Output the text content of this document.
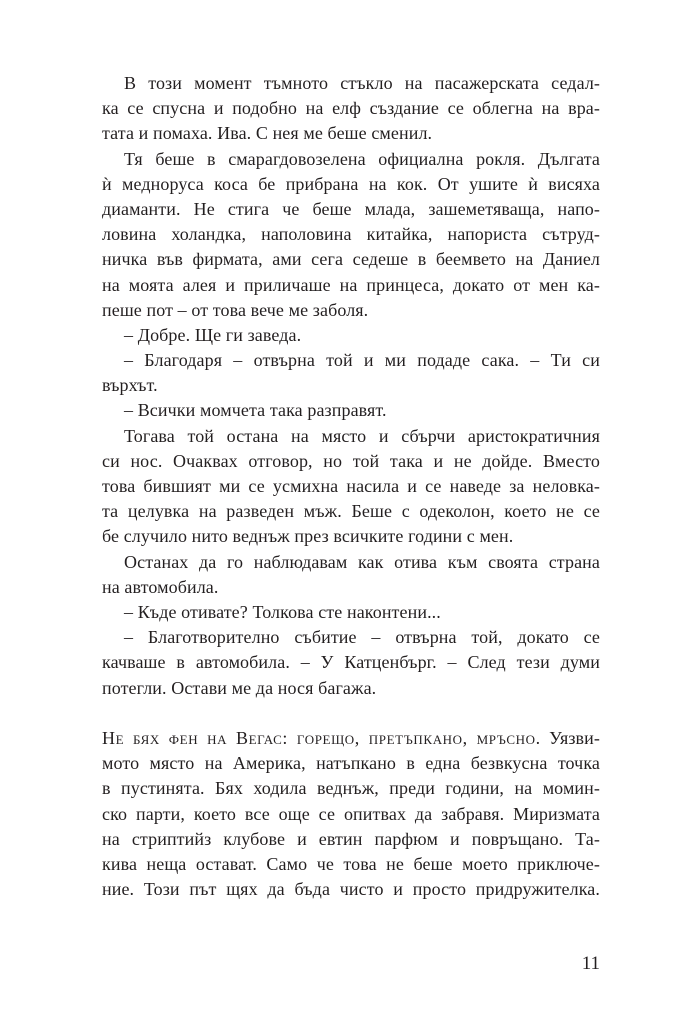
В този момент тъмното стъкло на пасажерската седал-
ка се спусна и подобно на елф създание се облегна на вра-
тата и помаха. Ива. С нея ме беше сменил.
Тя беше в смарагдовозелена официална рокля. Дългата
ѝ меднoруса коса бе прибрана на кок. От ушите ѝ висяха
диаманти. Не стига че беше млада, зашеметяваща, напо-
ловина холандка, наполовина китайка, напориста сътруд-
ничка във фирмата, ами сега седеше в беемвето на Даниел
на моята алея и приличаше на принцеса, докато от мен ка-
пеше пот – от това вече ме заболя.
– Добре. Ще ги заведа.
– Благодаря – отвърна той и ми подаде сака. – Ти си
върхът.
– Всички момчета така разправят.
Тогава той остана на място и сбърчи аристократичния
си нос. Очаквах отговор, но той така и не дойде. Вместо
това бившият ми се усмихна насила и се наведе за неловка-
та целувка на разведен мъж. Беше с одеколон, което не се
бе случило нито веднъж през всичките години с мен.
Останах да го наблюдавам как отива към своята страна
на автомобила.
– Къде отивате? Толкова сте наконтени...
– Благотворително събитие – отвърна той, докато се
качваше в автомобила. – У Катценбърг. – След тези думи
потегли. Остави ме да нося багажа.
Не бях фен на Вегас: горещо, претъпкано, мръсно. Уязви-
мото място на Америка, натъпкано в една безвкусна точка
в пустинята. Бях ходила веднъж, преди години, на момин-
ско парти, което все още се опитвах да забравя. Миризмата
на стриптийз клубове и евтин парфюм и повръщано. Та-
кива неща остават. Само че това не беше моето приключе-
ние. Този път щях да бъда чисто и просто придружителка.
11
